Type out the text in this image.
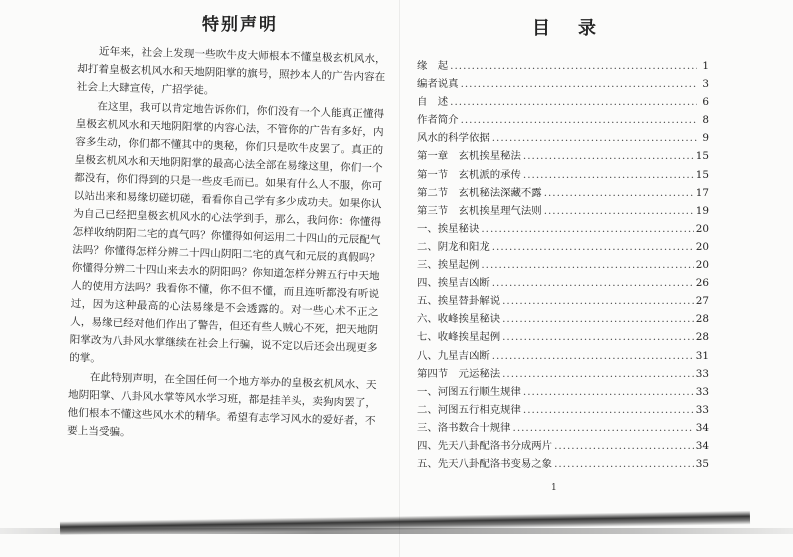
特别声明

近年来，社会上发现一些吹牛皮大师根本不懂皇极玄机风水，却打着皇极玄机风水和天地阴阳掌的旗号，照抄本人的广告内容在社会上大肆宣传，广招学徒。

在这里，我可以肯定地告诉你们，你们没有一个人能真正懂得皇极玄机风水和天地阴阳掌的内容心法，不管你的广告有多好，内容多生动，你们都不懂其中的奥秘，你们只是吹牛皮罢了。真正的皇极玄机风水和天地阴阳掌的最高心法全部在易缘这里，你们一个都没有，你们得到的只是一些皮毛而已。如果有什么人不服，你可以站出来和易缘切磋切磋，看看你自己学有多少成功夫。如果你认为自己已经把皇极玄机风水的心法学到手，那么，我问你：你懂得怎样收纳阴阳二宅的真气吗？你懂得如何运用二十四山的元辰配气法吗？你懂得怎样分辨二十四山阴阳二宅的真气和元辰的真假吗？你懂得分辨二十四山来去水的阴阳吗？你知道怎样分辨五行中天地人的使用方法吗？我看你不懂，你不但不懂，而且连听都没有听说过，因为这种最高的心法易缘是不会透露的。对一些心术不正之人，易缘已经对他们作出了警告，但还有些人贼心不死，把天地阴阳掌改为八卦风水掌继续在社会上行骗，说不定以后还会出现更多的掌。

在此特别声明，在全国任何一个地方举办的皇极玄机风水、天地阴阳掌、八卦风水掌等风水学习班，都是挂羊头，卖狗肉罢了，他们根本不懂这些风水术的精华。希望有志学习风水的爱好者，不要上当受骗。

目录
缘　起 .....	1
编者说真 .....	3
自　述 .....	6
作者简介 .....	8
风水的科学依据 .....	9
第一章　玄机挨星秘法 .....	15
第一节　玄机派的承传 .....	15
第二节　玄机秘法深藏不露 .....	17
第三节　玄机挨星理气法则 .....	19
一、挨星秘诀 .....	20
二、阴龙和阳龙 .....	20
三、挨星起例 .....	20
四、挨星吉凶断 .....	26
五、挨星替卦解说 .....	27
六、收峰挨星秘诀 .....	28
七、收峰挨星起例 .....	28
八、九星吉凶断 .....	31
第四节　元运秘法 .....	33
一、河图五行顺生规律 .....	33
二、河图五行相克规律 .....	33
三、洛书数合十规律 .....	34
四、先天八卦配洛书分成两片 .....	34
五、先天八卦配洛书变易之象 .....	35
1
